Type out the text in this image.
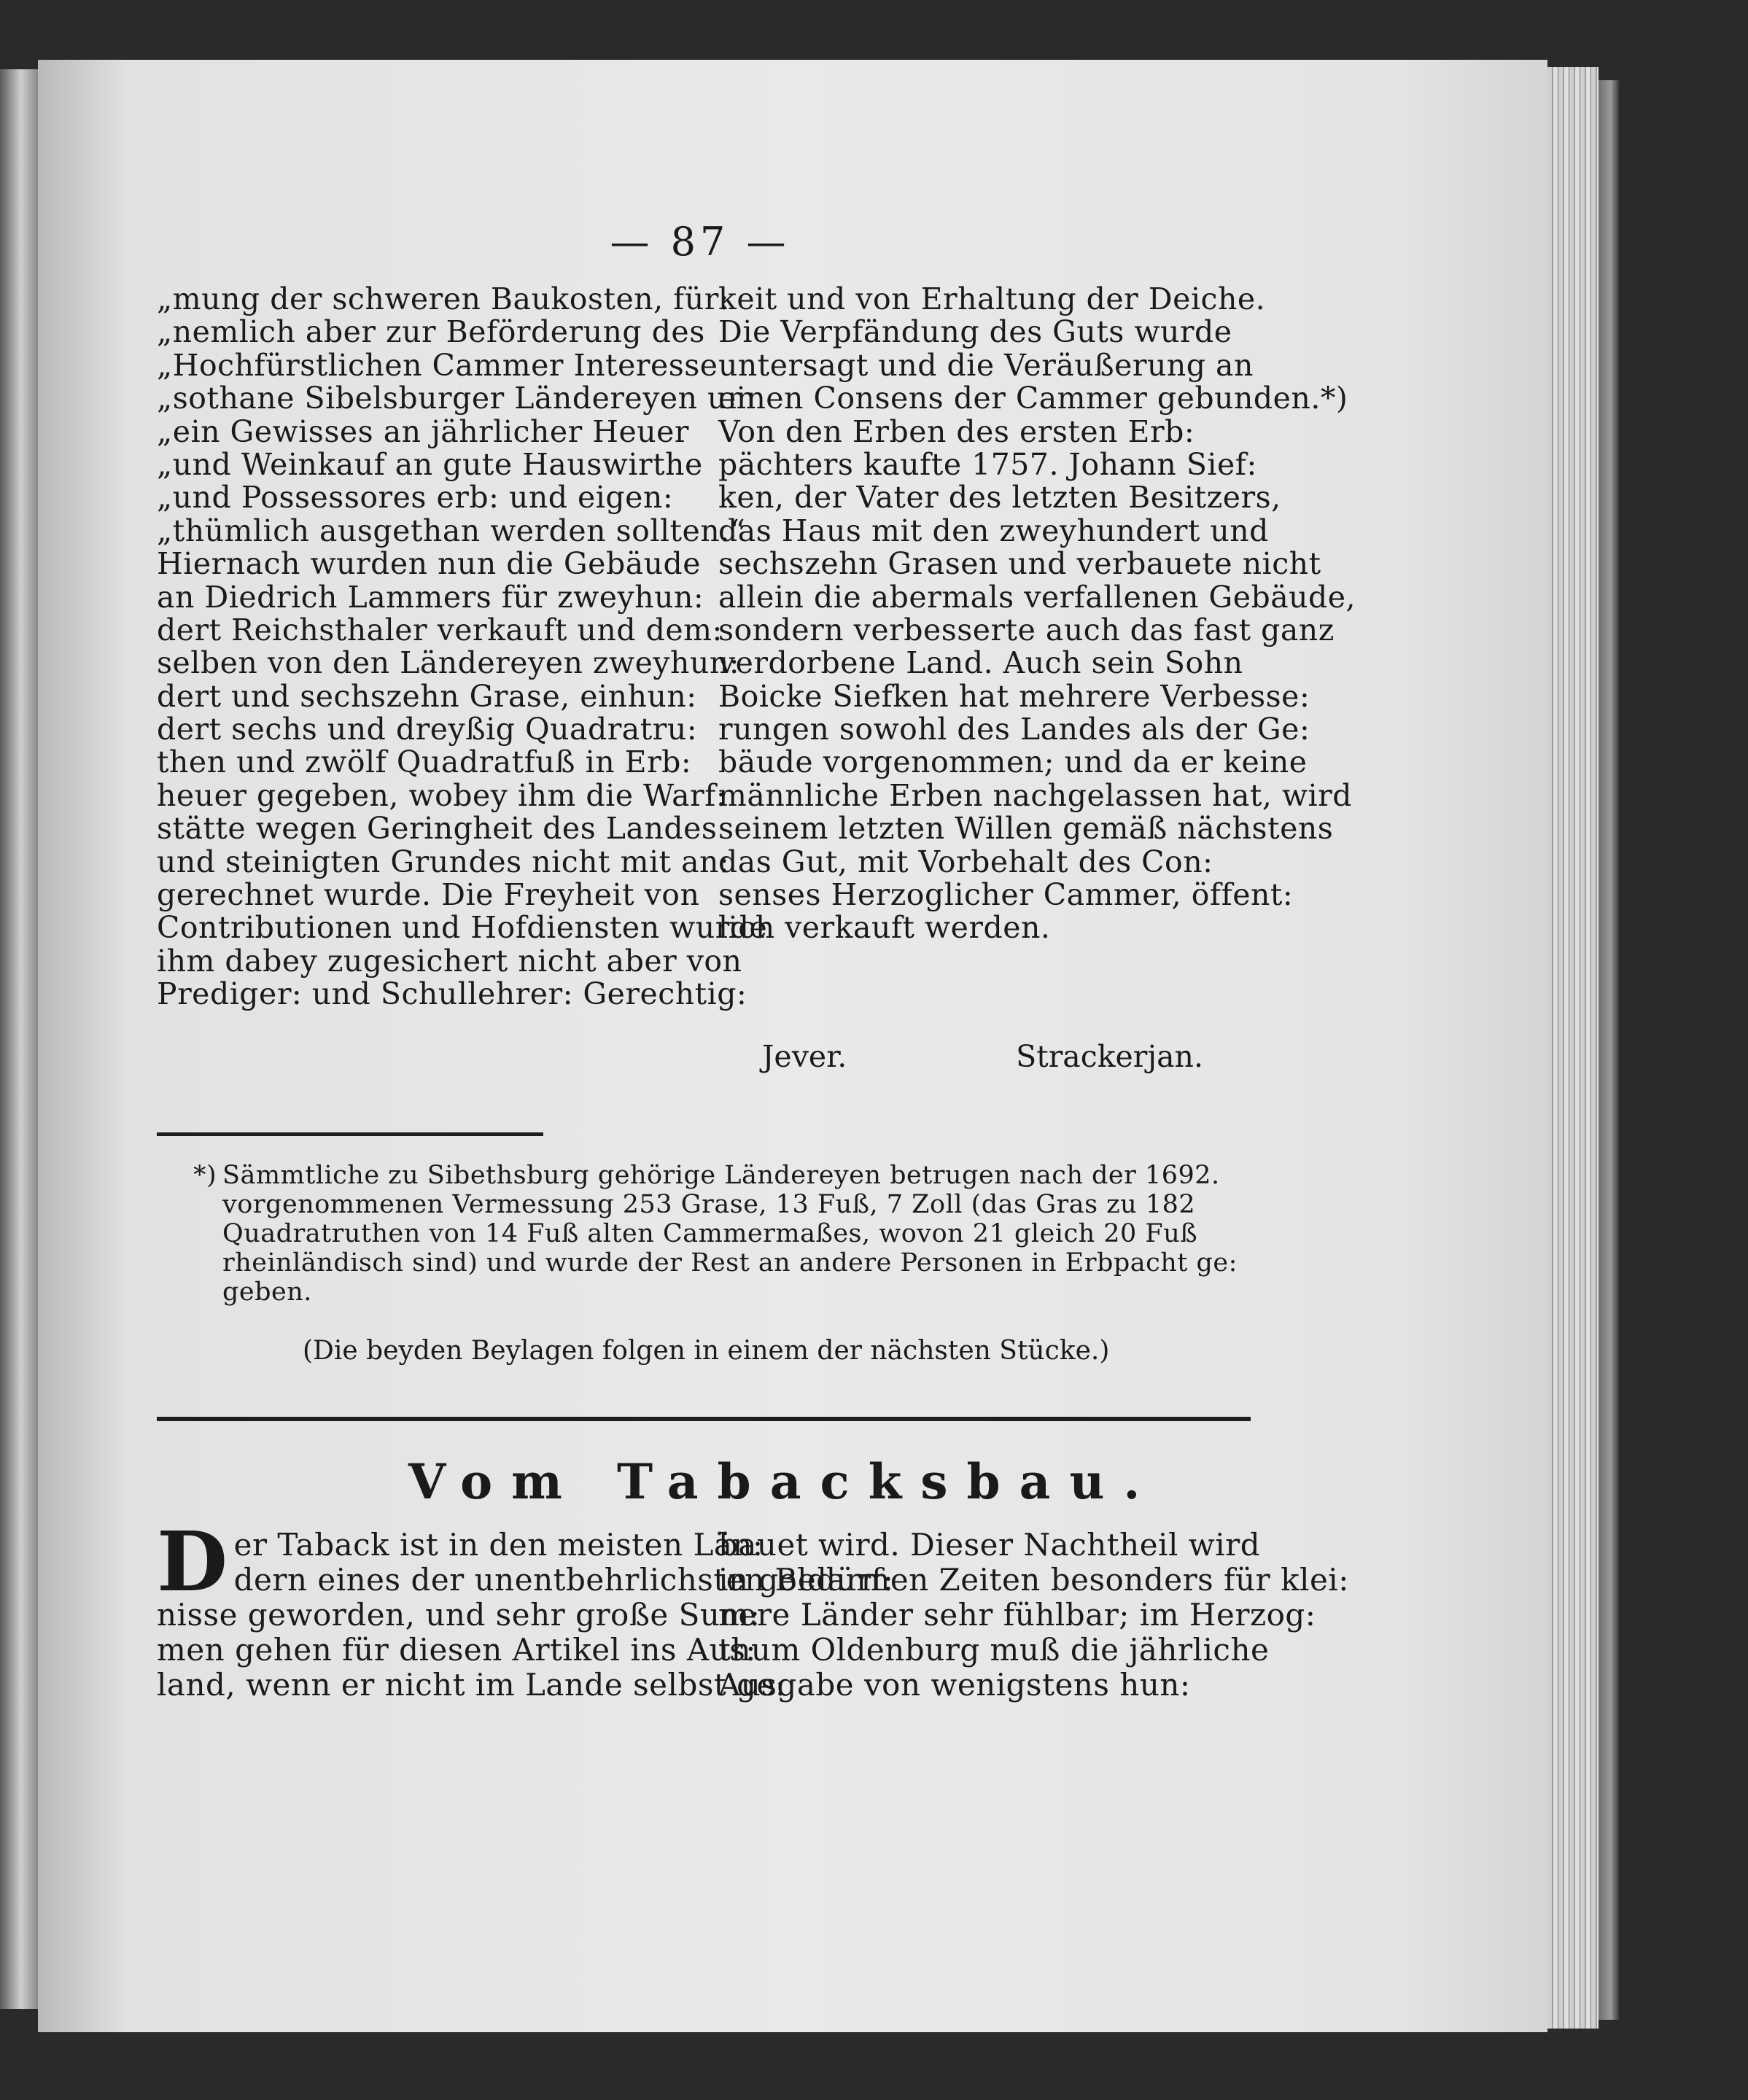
— 87 —
„mung der schweren Baukosten, für:
„nemlich aber zur Beförderung des
„Hochfürstlichen Cammer Interesse
„sothane Sibelsburger Ländereyen um
„ein Gewisses an jährlicher Heuer
„und Weinkauf an gute Hauswirthe
„und Possessores erb: und eigen:
„thümlich ausgethan werden sollten.“
Hiernach wurden nun die Gebäude
an Diedrich Lammers für zweyhun:
dert Reichsthaler verkauft und dem:
selben von den Ländereyen zweyhun:
dert und sechszehn Grase, einhun:
dert sechs und dreyßig Quadratru:
then und zwölf Quadratfuß in Erb:
heuer gegeben, wobey ihm die Warf:
stätte wegen Geringheit des Landes
und steinigten Grundes nicht mit an:
gerechnet wurde. Die Freyheit von
Contributionen und Hofdiensten wurde
ihm dabey zugesichert nicht aber von
Prediger: und Schullehrer: Gerechtig:
keit und von Erhaltung der Deiche.
Die Verpfändung des Guts wurde
untersagt und die Veräußerung an
einen Consens der Cammer gebunden.*)
Von den Erben des ersten Erb:
pächters kaufte 1757. Johann Sief:
ken, der Vater des letzten Besitzers,
das Haus mit den zweyhundert und
sechszehn Grasen und verbauete nicht
allein die abermals verfallenen Gebäude,
sondern verbesserte auch das fast ganz
verdorbene Land. Auch sein Sohn
Boicke Siefken hat mehrere Verbesse:
rungen sowohl des Landes als der Ge:
bäude vorgenommen; und da er keine
männliche Erben nachgelassen hat, wird
seinem letzten Willen gemäß nächstens
das Gut, mit Vorbehalt des Con:
senses Herzoglicher Cammer, öffent:
lich verkauft werden.
Jever.	Strackerjan.
*) Sämmtliche zu Sibethsburg gehörige Ländereyen betrugen nach der 1692.
vorgenommenen Vermessung 253 Grase, 13 Fuß, 7 Zoll (das Gras zu 182
Quadratruthen von 14 Fuß alten Cammermaßes, wovon 21 gleich 20 Fuß
rheinländisch sind) und wurde der Rest an andere Personen in Erbpacht ge:
geben.
(Die beyden Beylagen folgen in einem der nächsten Stücke.)
Vom Tabacksbau.
D er Taback ist in den meisten Län:
dern eines der unentbehrlichsten Bedürf:
nisse geworden, und sehr große Sum:
men gehen für diesen Artikel ins Aus:
land, wenn er nicht im Lande selbst ge:
bauet wird. Dieser Nachtheil wird
in geldarmen Zeiten besonders für klei:
nere Länder sehr fühlbar; im Herzog:
thum Oldenburg muß die jährliche
Ausgabe von wenigstens hun:
